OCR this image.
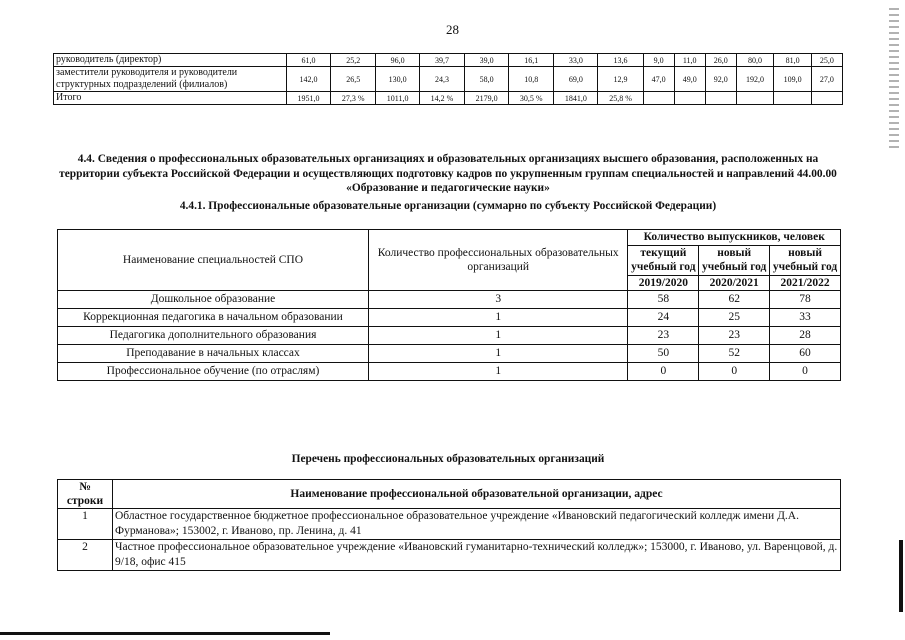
28
руководитель (директор)	61,0	25,2	96,0	39,7	39,0	16,1	33,0	13,6	9,0	11,0	26,0	80,0	81,0	25,0
заместители руководителя и руководители структурных подразделений (филиалов)	142,0	26,5	130,0	24,3	58,0	10,8	69,0	12,9	47,0	49,0	92,0	192,0	109,0	27,0
Итого	1951,0	27,3 %	1011,0	14,2 %	2179,0	30,5 %	1841,0	25,8 %						
4.4. Сведения о профессиональных образовательных организациях и образовательных организациях высшего образования, расположенных на территории субъекта Российской Федерации и осуществляющих подготовку кадров по укрупненным группам специальностей и направлений 44.00.00 «Образование и педагогические науки»
4.4.1. Профессиональные образовательные организации (суммарно по субъекту Российской Федерации)
Наименование специальностей СПО	Количество профессиональных образовательных организаций	Количество выпускников, человек		
		текущий учебный год	новый учебный год	новый учебный год
		2019/2020	2020/2021	2021/2022
Дошкольное образование	3	58	62	78
Коррекционная педагогика в начальном образовании	1	24	25	33
Педагогика дополнительного образования	1	23	23	28
Преподавание в начальных классах	1	50	52	60
Профессиональное обучение (по отраслям)	1	0	0	0
Перечень профессиональных образовательных организаций
№ строки	Наименование профессиональной образовательной организации, адрес
1	Областное государственное бюджетное профессиональное образовательное учреждение «Ивановский педагогический колледж имени Д.А. Фурманова»; 153002, г. Иваново, пр. Ленина, д. 41
2	Частное профессиональное образовательное учреждение «Ивановский гуманитарно-технический колледж»; 153000, г. Иваново, ул. Варенцовой, д. 9/18, офис 415
